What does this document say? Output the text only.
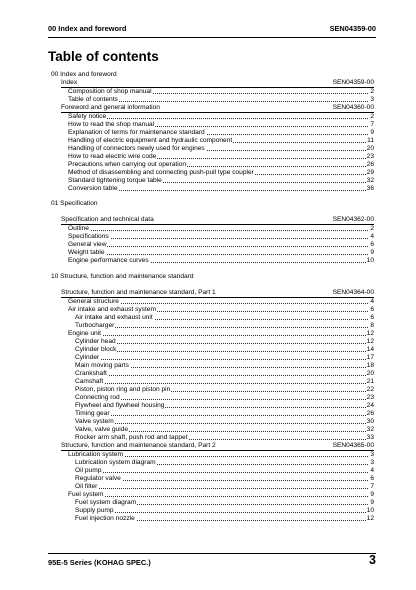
00 Index and foreword	SEN04359-00
Table of contents
00 Index and foreword
Index	SEN04359-00
Composition of shop manual	2
Table of contents	3
Foreword and general information	SEN04360-00
Safety notice	2
How to read the shop manual	7
Explanation of terms for maintenance standard	9
Handling of electric equipment and hydraulic component	11
Handling of connectors newly used for engines	20
How to read electric wire code	23
Precautions when carrying out operation	26
Method of disassembling and connecting push-pull type coupler	29
Standard tightening torque table	32
Conversion table	36
01 Specification
Specification and technical data	SEN04362-00
Outline	2
Specifications	4
General view	6
Weight table	9
Engine performance curves	10
10 Structure, function and maintenance standard
Structure, function and maintenance standard, Part 1	SEN04364-00
General structure	4
Air intake and exhaust system	6
Air intake and exhaust unit	6
Turbocharger	8
Engine unit	12
Cylinder head	12
Cylinder block	14
Cylinder	17
Main moving parts	18
Crankshaft	20
Camshaft	21
Piston, piston ring and piston pin	22
Connecting rod	23
Flywheel and flywheel housing	24
Timing gear	26
Valve system	30
Valve, valve guide	32
Rocker arm shaft, push rod and tappet	33
Structure, function and maintenance standard, Part 2	SEN04365-00
Lubrication system	3
Lubrication system diagram	3
Oil pump	4
Regulator valve	6
Oil filter	7
Fuel system	9
Fuel system diagram	9
Supply pump	10
Fuel injection nozzle	12
95E-5 Series (KOHAG SPEC.)	3
